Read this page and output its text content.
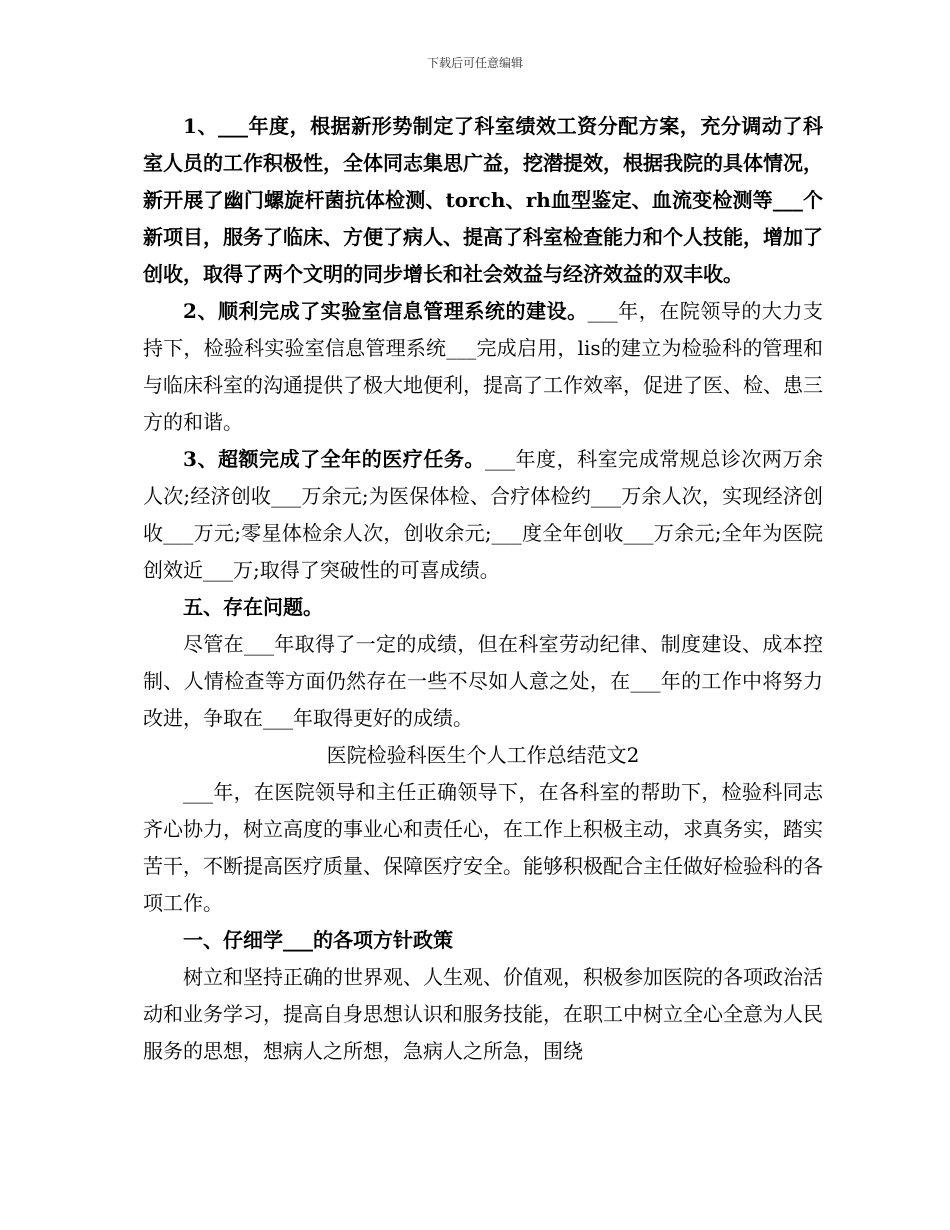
下载后可任意编辑

1、___年度，根据新形势制定了科室绩效工资分配方案，充分调动了科室人员的工作积极性，全体同志集思广益，挖潜提效，根据我院的具体情况，新开展了幽门螺旋杆菌抗体检测、torch、rh血型鉴定、血流变检测等___个新项目，服务了临床、方便了病人、提高了科室检查能力和个人技能，增加了创收，取得了两个文明的同步增长和社会效益与经济效益的双丰收。

2、顺利完成了实验室信息管理系统的建设。___年，在院领导的大力支持下，检验科实验室信息管理系统___完成启用，lis的建立为检验科的管理和与临床科室的沟通提供了极大地便利，提高了工作效率，促进了医、检、患三方的和谐。

3、超额完成了全年的医疗任务。___年度，科室完成常规总诊次两万余人次;经济创收___万余元;为医保体检、合疗体检约___万余人次，实现经济创收___万元;零星体检余人次，创收余元;___度全年创收___万余元;全年为医院创效近___万;取得了突破性的可喜成绩。

五、存在问题。

尽管在___年取得了一定的成绩，但在科室劳动纪律、制度建设、成本控制、人情检查等方面仍然存在一些不尽如人意之处，在___年的工作中将努力改进，争取在___年取得更好的成绩。

医院检验科医生个人工作总结范文2

___年，在医院领导和主任正确领导下，在各科室的帮助下，检验科同志齐心协力，树立高度的事业心和责任心，在工作上积极主动，求真务实，踏实苦干，不断提高医疗质量、保障医疗安全。能够积极配合主任做好检验科的各项工作。

一、仔细学___的各项方针政策

树立和坚持正确的世界观、人生观、价值观，积极参加医院的各项政治活动和业务学习，提高自身思想认识和服务技能，在职工中树立全心全意为人民服务的思想，想病人之所想，急病人之所急，围绕
